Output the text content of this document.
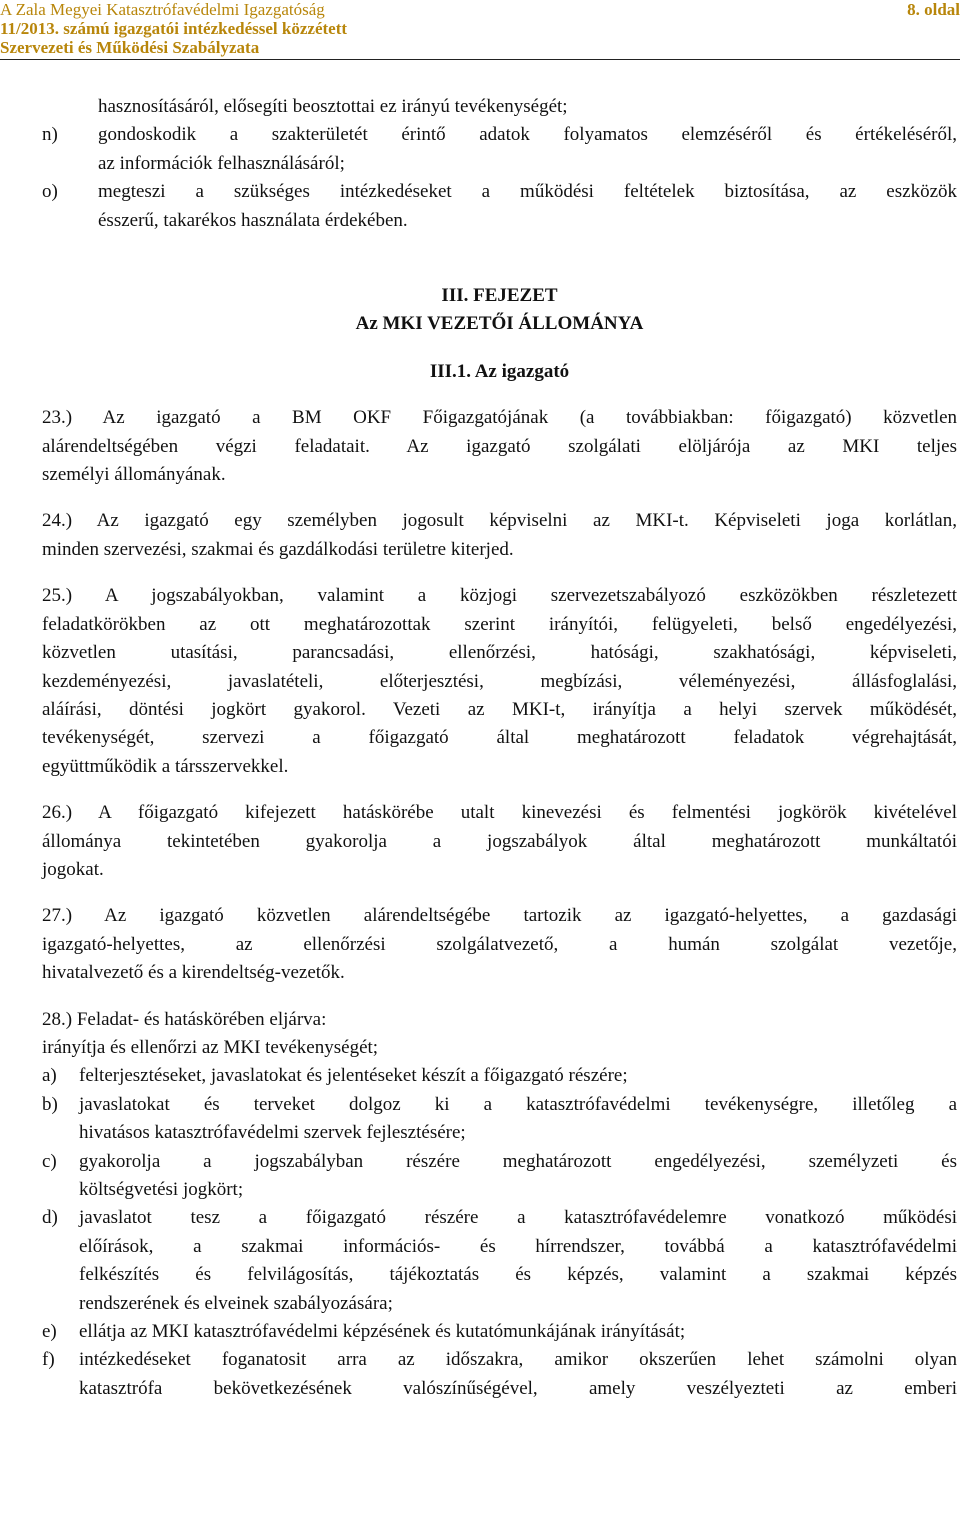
A Zala Megyei Katasztrófavédelmi Igazgatóság
11/2013. számú igazgatói intézkedéssel közzétett
Szervezeti és Működési Szabályzata
8. oldal
hasznosításáról, elősegíti beosztottai ez irányú tevékenységét;
n)	gondoskodik a szakterületét érintő adatok folyamatos elemzéséről és értékeléséről,
az információk felhasználásáról;
o)	megteszi a szükséges intézkedéseket a működési feltételek biztosítása, az eszközök
ésszerű, takarékos használata érdekében.
III. FEJEZET
Az MKI VEZETŐI ÁLLOMÁNYA
III.1. Az igazgató
23.) Az igazgató a BM OKF Főigazgatójának (a továbbiakban: főigazgató) közvetlen
alárendeltségében végzi feladatait. Az igazgató szolgálati elöljárója az MKI teljes
személyi állományának.
24.) Az igazgató egy személyben jogosult képviselni az MKI-t. Képviseleti joga korlátlan,
minden szervezési, szakmai és gazdálkodási területre kiterjed.
25.) A jogszabályokban, valamint a közjogi szervezetszabályozó eszközökben részletezett
feladatkörökben az ott meghatározottak szerint irányítói, felügyeleti, belső engedélyezési,
közvetlen utasítási, parancsadási, ellenőrzési, hatósági, szakhatósági, képviseleti,
kezdeményezési, javaslatételi, előterjesztési, megbízási, véleményezési, állásfoglalási,
aláírási, döntési jogkört gyakorol. Vezeti az MKI-t, irányítja a helyi szervek működését,
tevékenységét, szervezi a főigazgató által meghatározott feladatok végrehajtását,
együttműködik a társszervekkel.
26.) A főigazgató kifejezett hatáskörébe utalt kinevezési és felmentési jogkörök kivételével
állománya tekintetében gyakorolja a jogszabályok által meghatározott munkáltatói
jogokat.
27.) Az igazgató közvetlen alárendeltségébe tartozik az igazgató-helyettes, a gazdasági
igazgató-helyettes, az ellenőrzési szolgálatvezető, a humán szolgálat vezetője,
hivatalvezető és a kirendeltség-vezetők.
28.) Feladat- és hatáskörében eljárva:
irányítja és ellenőrzi az MKI tevékenységét;
a)	felterjesztéseket, javaslatokat és jelentéseket készít a főigazgató részére;
b)	javaslatokat és terveket dolgoz ki a katasztrófavédelmi tevékenységre, illetőleg a
hivatásos katasztrófavédelmi szervek fejlesztésére;
c)	gyakorolja a jogszabályban részére meghatározott engedélyezési, személyzeti és
költségvetési jogkört;
d)	javaslatot tesz a főigazgató részére a katasztrófavédelemre vonatkozó működési
előírások, a szakmai információs- és hírrendszer, továbbá a katasztrófavédelmi
felkészítés és felvilágosítás, tájékoztatás és képzés, valamint a szakmai képzés
rendszerének és elveinek szabályozására;
e)	ellátja az MKI katasztrófavédelmi képzésének és kutatómunkájának irányítását;
f)	intézkedéseket foganatosit arra az időszakra, amikor okszerűen lehet számolni olyan
katasztrófa bekövetkezésének valószínűségével, amely veszélyezteti az emberi
